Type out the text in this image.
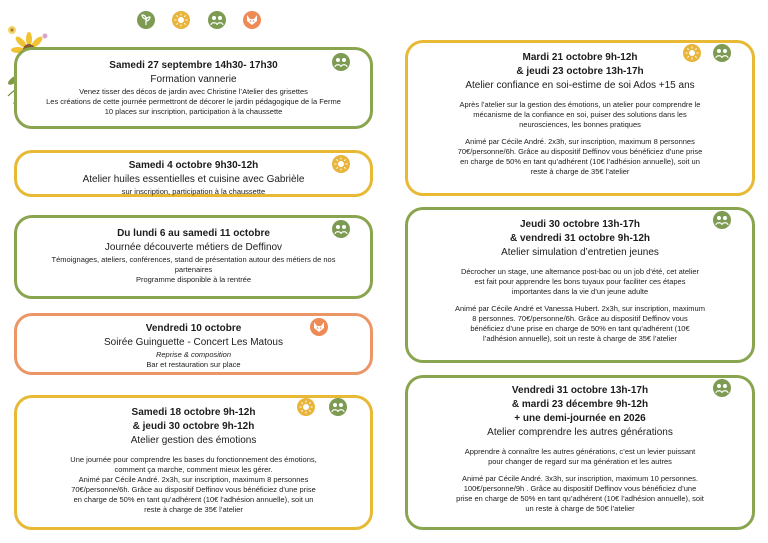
Samedi 27 septembre 14h30- 17h30
Formation vannerie
Venez tisser des décos de jardin avec Christine l’Atelier des grisettes
Les créations de cette journée permettront de décorer le jardin pédagogique de la Ferme
10 places sur inscription, participation à la chaussette
Samedi 4 octobre 9h30-12h
Atelier huiles essentielles et cuisine avec Gabrièle
sur inscription, participation à la chaussette
Du lundi 6 au samedi 11 octobre
Journée découverte métiers de Deffinov
Témoignages, ateliers, conférences, stand de présentation autour des métiers de nos
partenaires
Programme disponible à la rentrée
Vendredi 10 octobre
Soirée Guinguette - Concert Les Matous
Reprise & composition
Bar et restauration sur place
Samedi 18 octobre 9h-12h
& jeudi 30 octobre 9h-12h
Atelier gestion des émotions
Une journée pour comprendre les bases du fonctionnement des émotions,
comment ça marche, comment mieux les gérer.
Animé par Cécile André. 2x3h, sur inscription, maximum 8 personnes
70€/personne/6h. Grâce au dispositif Deffinov vous bénéficiez d’une prise
en charge de 50% en tant qu’adhérent (10€ l’adhésion annuelle), soit un
reste à charge de 35€ l’atelier
Mardi 21 octobre 9h-12h
& jeudi 23 octobre 13h-17h
Atelier confiance en soi-estime de soi Ados +15 ans
Après l’atelier sur la gestion des émotions, un atelier pour comprendre le
mécanisme de la confiance en soi, puiser des solutions dans les
neurosciences, les bonnes pratiques
Animé par Cécile André. 2x3h, sur inscription, maximum 8 personnes
70€/personne/6h. Grâce au dispositif Deffinov vous bénéficiez d’une prise
en charge de 50% en tant qu’adhérent (10€ l’adhésion annuelle), soit un
reste à charge de 35€ l’atelier
Jeudi 30 octobre 13h-17h
& vendredi 31 octobre 9h-12h
Atelier simulation d’entretien jeunes
Décrocher un stage, une alternance post-bac ou un job d’été, cet atelier
est fait pour apprendre les bons tuyaux pour faciliter ces étapes
importantes dans la vie d’un jeune adulte
Animé par Cécile André et Vanessa Hubert. 2x3h, sur inscription, maximum
8 personnes. 70€/personne/6h. Grâce au dispositif Deffinov vous
bénéficiez d’une prise en charge de 50% en tant qu’adhérent (10€
l’adhésion annuelle), soit un reste à charge de 35€ l’atelier
Vendredi 31 octobre 13h-17h
& mardi 23 décembre 9h-12h
+ une demi-journée en 2026
Atelier comprendre les autres générations
Apprendre à connaître les autres générations, c’est un levier puissant
pour changer de regard sur ma génération et les autres
Animé par Cécile André. 3x3h, sur inscription, maximum 10 personnes.
100€/personne/9h . Grâce au dispositif Deffinov vous bénéficiez d’une
prise en charge de 50% en tant qu’adhérent (10€ l’adhésion annuelle), soit
un reste à charge de 50€ l’atelier
